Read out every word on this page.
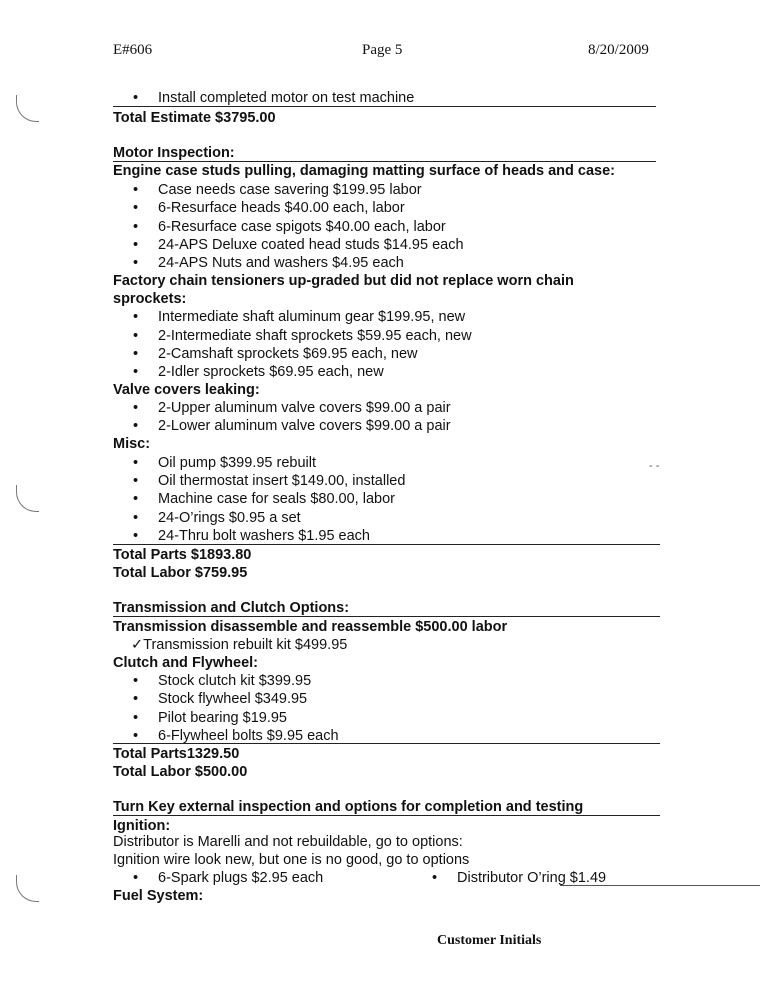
E#606	Page 5	8/20/2009
• Install completed motor on test machine
Total Estimate $3795.00
Motor Inspection:
Engine case studs pulling, damaging matting surface of heads and case:
• Case needs case savering $199.95 labor
• 6-Resurface heads $40.00 each, labor
• 6-Resurface case spigots $40.00 each, labor
• 24-APS Deluxe coated head studs $14.95 each
• 24-APS Nuts and washers $4.95 each
Factory chain tensioners up-graded but did not replace worn chain
sprockets:
• Intermediate shaft aluminum gear $199.95, new
• 2-Intermediate shaft sprockets $59.95 each, new
• 2-Camshaft sprockets $69.95 each, new
• 2-Idler sprockets $69.95 each, new
Valve covers leaking:
• 2-Upper aluminum valve covers $99.00 a pair
• 2-Lower aluminum valve covers $99.00 a pair
Misc:
• Oil pump $399.95 rebuilt
• Oil thermostat insert $149.00, installed
• Machine case for seals $80.00, labor
• 24-O’rings $0.95 a set
• 24-Thru bolt washers $1.95 each
Total Parts $1893.80
Total Labor $759.95
Transmission and Clutch Options:
Transmission disassemble and reassemble $500.00 labor
✓Transmission rebuilt kit $499.95
Clutch and Flywheel:
• Stock clutch kit $399.95
• Stock flywheel $349.95
• Pilot bearing $19.95
• 6-Flywheel bolts $9.95 each
Total Parts1329.50
Total Labor $500.00
Turn Key external inspection and options for completion and testing
Ignition:
Distributor is Marelli and not rebuildable, go to options:
Ignition wire look new, but one is no good, go to options
• 6-Spark plugs $2.95 each
•	Distributor O’ring $1.49
Fuel System:
- -
Customer Initials
